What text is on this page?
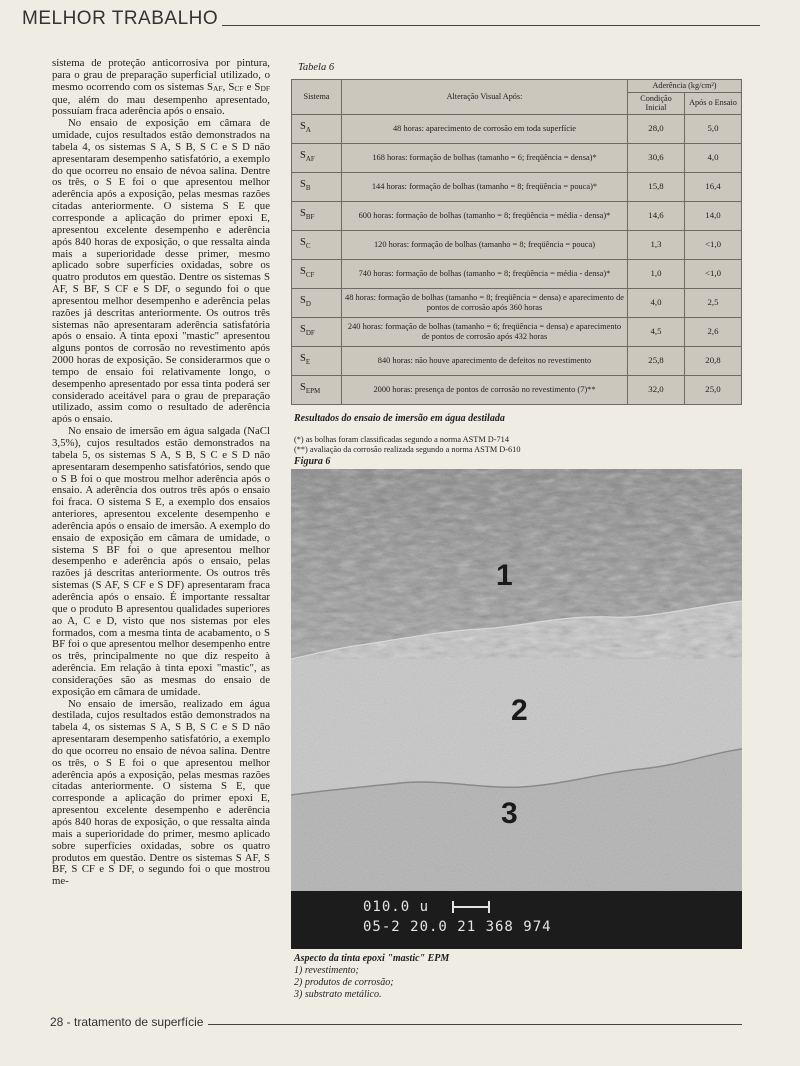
MELHOR TRABALHO

sistema de proteção anticorrosiva por pintura, para o grau de preparação superficial utilizado, o mesmo ocorrendo com os sistemas $S_{AF}$, $S_{CF}$ e $S_{DF}$ que, além do mau desempenho apresentado, possuíam fraca aderência após o ensaio.

No ensaio de exposição em câmara de umidade, cujos resultados estão demonstrados na tabela 4, os sistemas S A, S B, S C e S D não apresentaram desempenho satisfatório, a exemplo do que ocorreu no ensaio de névoa salina. Dentre os três, o S E foi o que apresentou melhor aderência após a exposição, pelas mesmas razões citadas anteriormente. O sistema S E que corresponde a aplicação do primer epoxi E, apresentou excelente desempenho e aderência após 840 horas de exposição, o que ressalta ainda mais a superioridade desse primer, mesmo aplicado sobre superfícies oxidadas, sobre os quatro produtos em questão. Dentre os sistemas S AF, S BF, S CF e S DF, o segundo foi o que apresentou melhor desempenho e aderência pelas razões já descritas anteriormente. Os outros três sistemas não apresentaram aderência satisfatória após o ensaio. A tinta epoxi "mastic" apresentou alguns pontos de corrosão no revestimento após 2000 horas de exposição. Se considerarmos que o tempo de ensaio foi relativamente longo, o desempenho apresentado por essa tinta poderá ser considerado aceitável para o grau de preparação utilizado, assim como o resultado de aderência após o ensaio.

No ensaio de imersão em água salgada (NaCl 3,5%), cujos resultados estão demonstrados na tabela 5, os sistemas S A, S B, S C e S D não apresentaram desempenho satisfatórios, sendo que o S B foi o que mostrou melhor aderência após o ensaio. A aderência dos outros três após o ensaio foi fraca. O sistema S E, a exemplo dos ensaios anteriores, apresentou excelente desempenho e aderência após o ensaio de imersão. A exemplo do ensaio de exposição em câmara de umidade, o sistema S BF foi o que apresentou melhor desempenho e aderência após o ensaio, pelas razões já descritas anteriormente. Os outros três sistemas (S AF, S CF e S DF) apresentaram fraca aderência após o ensaio. É importante ressaltar que o produto B apresentou qualidades superiores ao A, C e D, visto que nos sistemas por eles formados, com a mesma tinta de acabamento, o S BF foi o que apresentou melhor desempenho entre os três, principalmente no que diz respeito à aderência. Em relação à tinta epoxi "mastic", as considerações são as mesmas do ensaio de exposição em câmara de umidade.

No ensaio de imersão, realizado em água destilada, cujos resultados estão demonstrados na tabela 4, os sistemas S A, S B, S C e S D não apresentaram desempenho satisfatório, a exemplo do que ocorreu no ensaio de névoa salina. Dentre os três, o S E foi o que apresentou melhor aderência após a exposição, pelas mesmas razões citadas anteriormente. O sistema S E, que corresponde a aplicação do primer epoxi E, apresentou excelente desempenho e aderência após 840 horas de exposição, o que ressalta ainda mais a superioridade do primer, mesmo aplicado sobre superfícies oxidadas, sobre os quatro produtos em questão. Dentre os sistemas S AF, S BF, S CF e S DF, o segundo foi o que mostrou me-

Tabela 6
Sistema	Alteração Visual Após:	Aderência (kg/cm²)	
		Condição Inicial	Após o Ensaio
$S_A$	48 horas: aparecimento de corrosão em toda superfície	28,0	5,0
$S_{AF}$	168 horas: formação de bolhas (tamanho = 6; freqüência = densa)*	30,6	4,0
$S_B$	144 horas: formação de bolhas (tamanho = 8; freqüência = pouca)*	15,8	16,4
$S_{BF}$	600 horas: formação de bolhas (tamanho = 8; freqüência = média - densa)*	14,6	14,0
$S_C$	120 horas: formação de bolhas (tamanho = 8; freqüência = pouca)	1,3	<1,0
$S_{CF}$	740 horas: formação de bolhas (tamanho = 8; freqüência = média - densa)*	1,0	<1,0
$S_D$	48 horas: formação de bolhas (tamanho = 8; freqüência = densa) e aparecimento de pontos de corrosão após 360 horas	4,0	2,5
$S_{DF}$	240 horas: formação de bolhas (tamanho = 6; freqüência = densa) e aparecimento de pontos de corrosão após 432 horas	4,5	2,6
$S_E$	840 horas: não houve aparecimento de defeitos no revestimento	25,8	20,8
$S_{EPM}$	2000 horas: presença de pontos de corrosão no revestimento (7)**	32,0	25,0
Resultados do ensaio de imersão em água destilada
(*) as bolhas foram classificadas segundo a norma ASTM D-714
(**) avaliação da corrosão realizada segundo a norma ASTM D-610
Figura 6
1
2
3
010.0 u
05-2 20.0 21 368 974
Aspecto da tinta epoxi "mastic" EPM
1) revestimento;
2) produtos de corrosão;
3) substrato metálico.
28 - tratamento de superfície
